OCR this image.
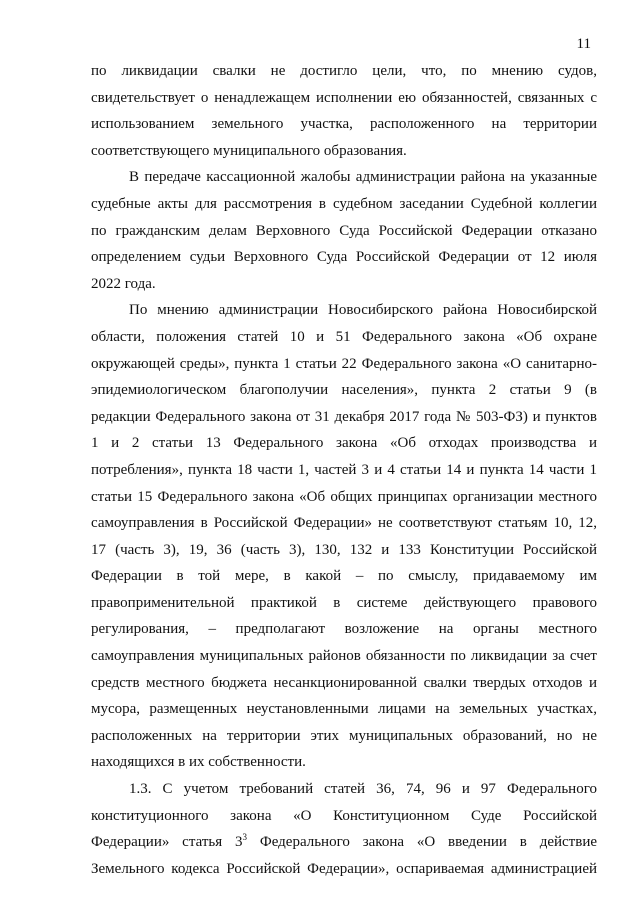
11
по ликвидации свалки не достигло цели, что, по мнению судов,
свидетельствует о ненадлежащем исполнении ею обязанностей, связанных с
использованием земельного участка, расположенного на территории
соответствующего муниципального образования.
В передаче кассационной жалобы администрации района на указанные
судебные акты для рассмотрения в судебном заседании Судебной коллегии
по гражданским делам Верховного Суда Российской Федерации отказано
определением судьи Верховного Суда Российской Федерации от 12 июля
2022 года.
По мнению администрации Новосибирского района Новосибирской
области, положения статей 10 и 51 Федерального закона «Об охране
окружающей среды», пункта 1 статьи 22 Федерального закона «О санитарно-
эпидемиологическом благополучии населения», пункта 2 статьи 9 (в
редакции Федерального закона от 31 декабря 2017 года № 503-ФЗ) и пунктов
1 и 2 статьи 13 Федерального закона «Об отходах производства и
потребления», пункта 18 части 1, частей 3 и 4 статьи 14 и пункта 14 части 1
статьи 15 Федерального закона «Об общих принципах организации местного
самоуправления в Российской Федерации» не соответствуют статьям 10, 12,
17 (часть 3), 19, 36 (часть 3), 130, 132 и 133 Конституции Российской
Федерации в той мере, в какой – по смыслу, придаваемому им
правоприменительной практикой в системе действующего правового
регулирования, – предполагают возложение на органы местного
самоуправления муниципальных районов обязанности по ликвидации за счет
средств местного бюджета несанкционированной свалки твердых отходов и
мусора, размещенных неустановленными лицами на земельных участках,
расположенных на территории этих муниципальных образований, но не
находящихся в их собственности.
1.3. С учетом требований статей 36, 74, 96 и 97 Федерального
конституционного закона «О Конституционном Суде Российской
Федерации» статья $3^3$ Федерального закона «О введении в действие
Земельного кодекса Российской Федерации», оспариваемая администрацией
